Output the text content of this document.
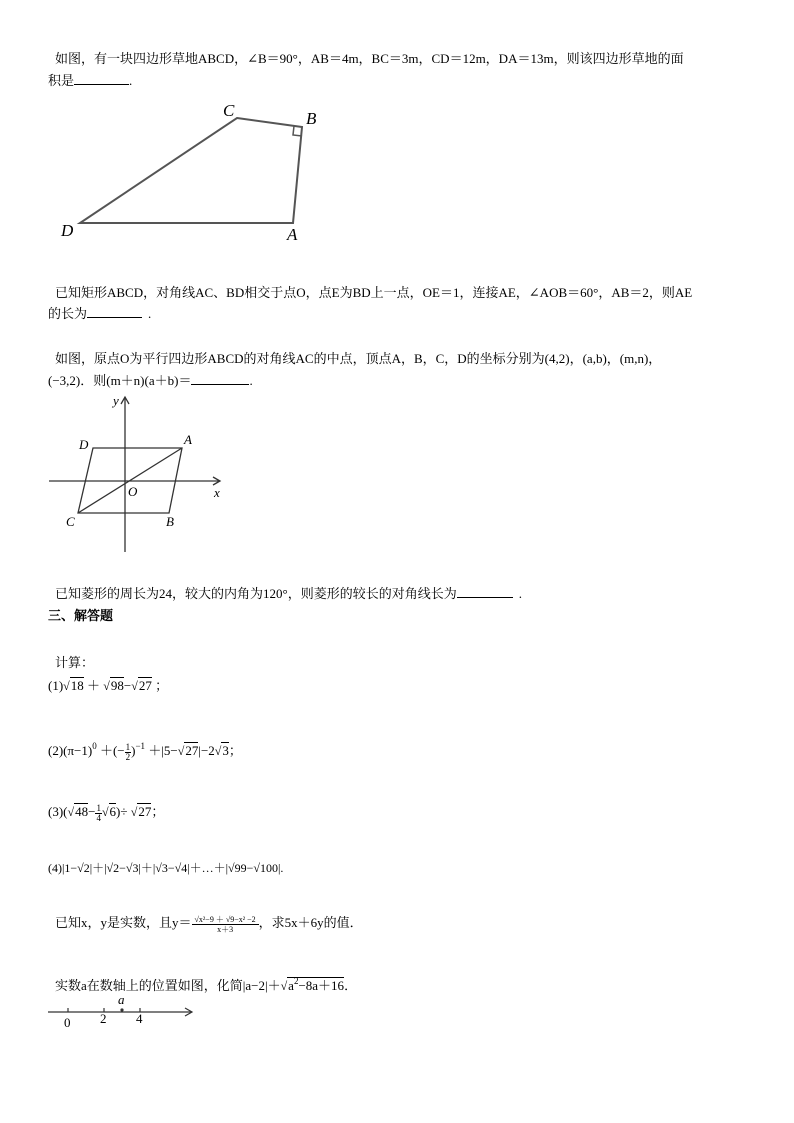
如图，有一块四边形草地ABCD，∠B＝90°，AB＝4m，BC＝3m，CD＝12m，DA＝13m，则该四边形草地的面
积是	.
C	B
D	A
已知矩形ABCD，对角线AC、BD相交于点O，点E为BD上一点，OE＝1，连接AE，∠AOB＝60°，AB＝2，则AE
的长为	.
如图，原点O为平行四边形ABCD的对角线AC的中点，顶点A，B，C，D的坐标分别为(4,2)，(a,b)，(m,n)，
(−3,2)．则(m＋n)(a＋b)＝	.
y
x
O
A
B
C
D
已知菱形的周长为24，较大的内角为120°，则菱形的较长的对角线长为	.
三、解答题
计算：
(1)√18 ＋ √98−√27 ；
$(2)(\pi-1)^0$ ＋(− $\frac{1}{2} )^{-1} +|5-√27|-2√3$；
$(3)(√48- \frac{1}{4} √6)\div √27$；
(4)|1−√2|＋|√2−√3|＋|√3−√4|＋…＋|√99−√100|.
已知x，y是实数，且$y= \frac{\text{√x²−9 ＋ √9−x² −2}}{x+3}$ ，求5x＋6y的值．
实数a在数轴上的位置如图，化简$|a-2|+√a^2-8a+16$．
a
0 2 4
